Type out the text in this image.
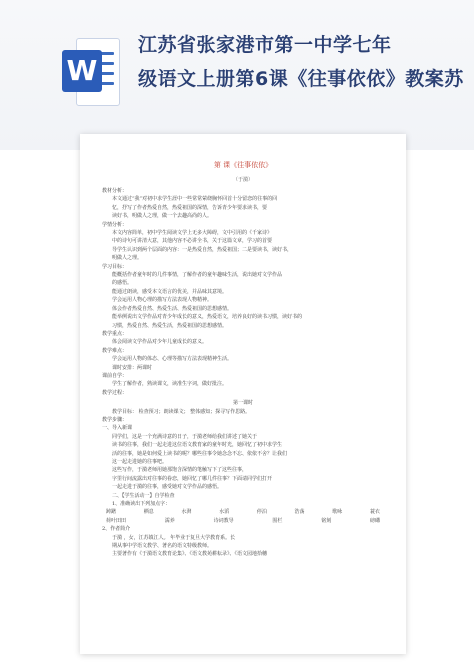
W
江苏省张家港市第一中学七年
级语文上册第6课《往事依依》教案苏
第 课《往事依依》
（于漪）
教材分析：
本文通过“我”对初中求学生涯中一些常常萦绕胸怀回首十分留恋的往事的回
忆，抒写了作者热爱自然，热爱祖国的深情，告诉青少年要求读书，要
读好书，明做人之理，做一个去趣高尚的人。
学情分析：
本文内容简单，初中学生阅读文学上无多大障碍，文中引用的《千家诗》
中的诗句可讲清大意，其他内容不必讲全书，关于这篇文章，学习的首要
导学生认识到两个层面的内容：一是热爱自然，热爱祖国；二是要读书，读好书，
明做人之理。
学习目标：
能概括作者童年时的几件事情，了解作者的童年趣味生活，说出她对文学作品
的感悟。
能通过朗读，感受本文语言的优美，并品味其意境。
学会运用人物心理的描写方法表现人物精神。
体会作者热爱自然、热爱生活、热爱祖国的思想感情。
能举例说出文学作品对青少年成长的意义，热爱语文，培养良好的读书习惯，读好书的
习惯，热爱自然、热爱生活，热爱祖国的思想感情。
教学重点：
体会阅读文学作品对少年儿童成长的意义。
教学难点：
学会运用人物的体态、心理等描写方法表现精神生活。
课时安排：两课时
课前自学：
学生了解作者，熟读课文，读准生字词，做好批注。
教学过程：
第一课时
教学目标： 检查预习；朗读课文； 整体感知；探寻写作思路。
教学步骤：
一、导入新课
同学们，这是一个充满诗意的日子，于漪老师给我们讲述了她关于
读书的往事，我们一起走进这位语文教育家的童年时光，她回忆了初中求学生
活的往事，她是如何爱上读书的呢？哪些往事令她念念不忘、依依不舍？让我们
这一起走进她的往事吧。
这些写作，于漪老师用她那饱含深情的笔触写下了这些往事，
字里行间流露出对往事的眷恋，她回忆了哪几件往事？下面请同学们打开
一起走进于漪的往事，感受她对文学作品的感悟。
二、【学生活动一】自学检查
1、准确读出下列加点字：
踌躇	栖息	水湃	水滔	停泊	浩荡	歌咏	蓑衣
荷叶田田	濡养	诗词教导	围栏	铭刻	磅礴
2、作者简介
于漪 ，女，江苏镇江人。 年毕业于复旦大学教育系。长
期从事中学语文教学、著名的语文特级教师。
主要著作有《于漪语文教育论集》、《语文教苑耕耘录》、《语文园地拾穗
